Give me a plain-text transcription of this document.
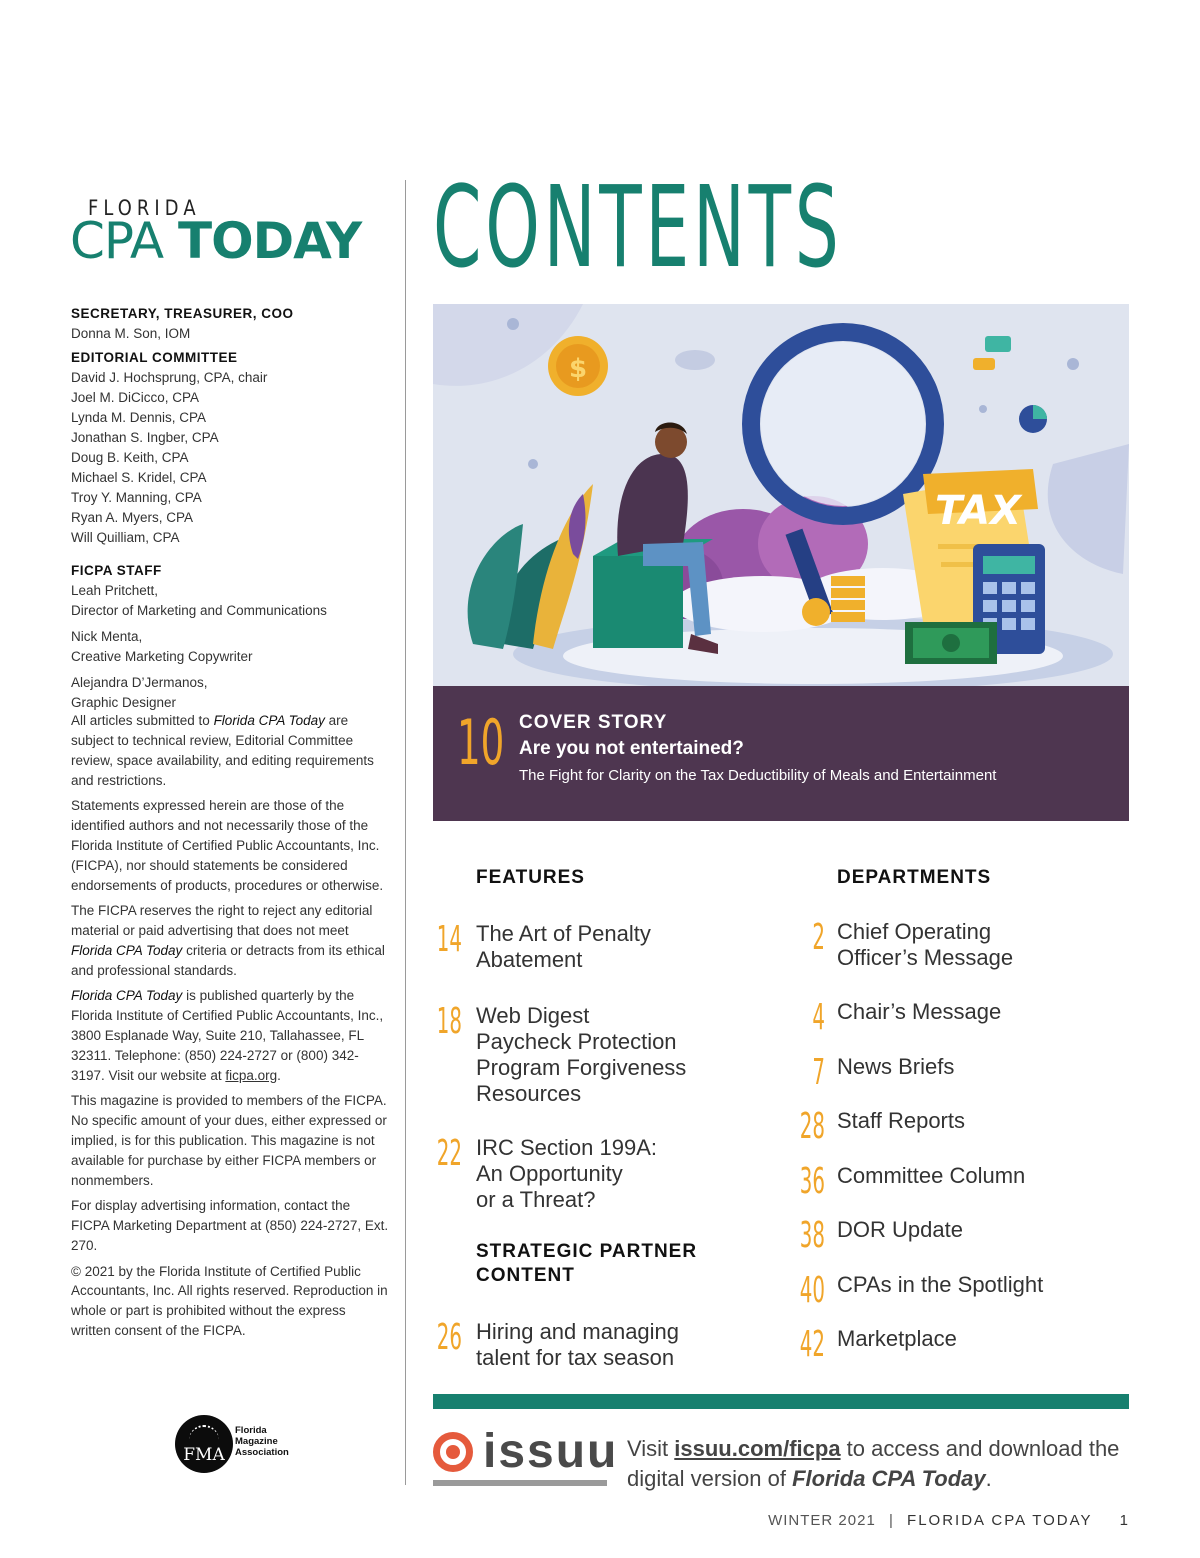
FLORIDA
CPA TODAY

SECRETARY, TREASURER, COO

Donna M. Son, IOM

EDITORIAL COMMITTEE

David J. Hochsprung, CPA, chair

Joel M. DiCicco, CPA

Lynda M. Dennis, CPA

Jonathan S. Ingber, CPA

Doug B. Keith, CPA

Michael S. Kridel, CPA

Troy Y. Manning, CPA

Ryan A. Myers, CPA

Will Quilliam, CPA

FICPA STAFF

Leah Pritchett,

Director of Marketing and Communications

Nick Menta,

Creative Marketing Copywriter

Alejandra D’Jermanos,

Graphic Designer

All articles submitted to Florida CPA Today are subject to technical review, Editorial Committee review, space availability, and editing requirements and restrictions.

Statements expressed herein are those of the identified authors and not necessarily those of the Florida Institute of Certified Public Accountants, Inc. (FICPA), nor should statements be considered endorsements of products, procedures or otherwise.

The FICPA reserves the right to reject any editorial material or paid advertising that does not meet Florida CPA Today criteria or detracts from its ethical and professional standards.

Florida CPA Today is published quarterly by the Florida Institute of Certified Public Accountants, Inc., 3800 Esplanade Way, Suite 210, Tallahassee, FL 32311. Telephone: (850) 224-2727 or (800) 342-3197. Visit our website at ficpa.org.

This magazine is provided to members of the FICPA. No specific amount of your dues, either expressed or implied, is for this publication. This magazine is not available for purchase by either FICPA members or nonmembers.

For display advertising information, contact the FICPA Marketing Department at (850) 224-2727, Ext. 270.

© 2021 by the Florida Institute of Certified Public Accountants, Inc. All rights reserved. Reproduction in whole or part is prohibited without the express written consent of the FICPA.

FMA
Florida
Magazine
Association
CONTENTS
TAX
$
10 COVER STORY
Are you not entertained?
The Fight for Clarity on the Tax Deductibility of Meals and Entertainment
FEATURES
14 The Art of Penalty
Abatement
18 Web Digest
Paycheck Protection
Program Forgiveness
Resources
22 IRC Section 199A:
An Opportunity
or a Threat?
STRATEGIC PARTNER
CONTENT
26 Hiring and managing
talent for tax season
DEPARTMENTS
2 Chief Operating
Officer’s Message
4 Chair’s Message
7 News Briefs
28 Staff Reports
36 Committee Column
38 DOR Update
40 CPAs in the Spotlight
42 Marketplace
issuu Visit issuu.com/ficpa to access and download the digital version of Florida CPA Today.
WINTER 2021 | FLORIDA CPA TODAY 1
